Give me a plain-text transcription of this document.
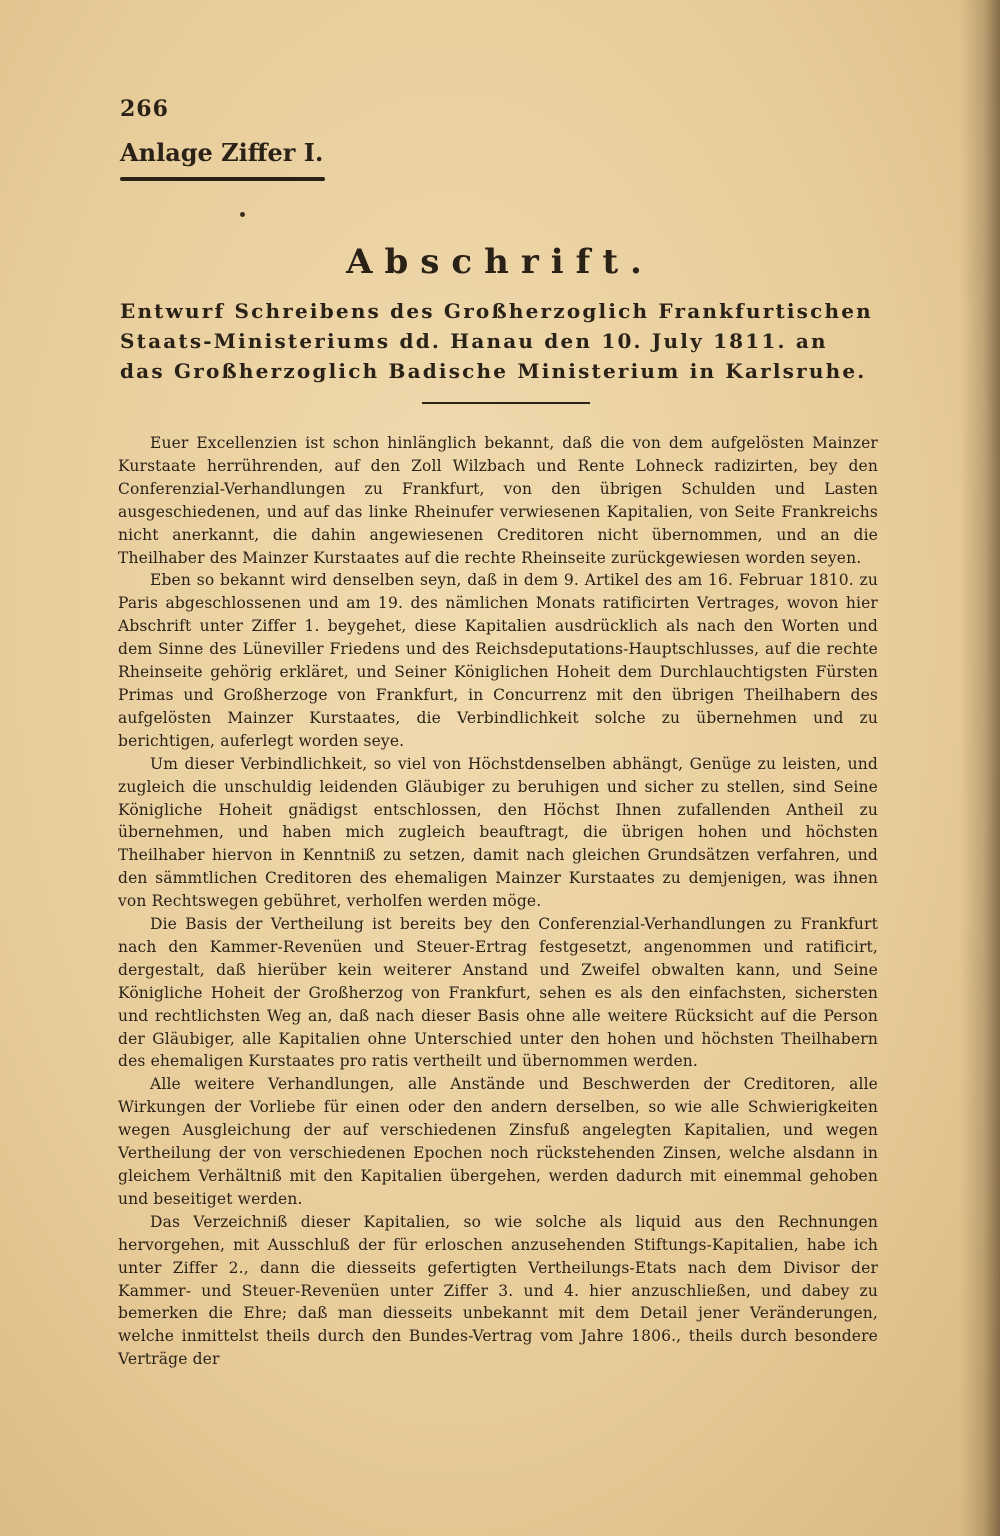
266
Anlage Ziffer I.
Abschrift.
Entwurf Schreibens des Großherzoglich Frankfurtischen Staats-Ministeriums dd. Hanau den 10. July 1811. an das Großherzoglich Badische Ministerium in Karlsruhe.

Euer Excellenzien ist schon hinlänglich bekannt, daß die von dem aufgelösten Mainzer Kurstaate herrührenden, auf den Zoll Wilzbach und Rente Lohneck radizirten, bey den Conferenzial-Verhandlungen zu Frankfurt, von den übrigen Schulden und Lasten ausgeschiedenen, und auf das linke Rheinufer verwiesenen Kapitalien, von Seite Frankreichs nicht anerkannt, die dahin angewiesenen Creditoren nicht übernommen, und an die Theilhaber des Mainzer Kurstaates auf die rechte Rheinseite zurückgewiesen worden seyen.

Eben so bekannt wird denselben seyn, daß in dem 9. Artikel des am 16. Februar 1810. zu Paris abgeschlossenen und am 19. des nämlichen Monats ratificirten Vertrages, wovon hier Abschrift unter Ziffer 1. beygehet, diese Kapitalien ausdrücklich als nach den Worten und dem Sinne des Lüneviller Friedens und des Reichsdeputations-Hauptschlusses, auf die rechte Rheinseite gehörig erkläret, und Seiner Königlichen Hoheit dem Durchlauchtigsten Fürsten Primas und Großherzoge von Frankfurt, in Concurrenz mit den übrigen Theilhabern des aufgelösten Mainzer Kurstaates, die Verbindlichkeit solche zu übernehmen und zu berichtigen, auferlegt worden seye.

Um dieser Verbindlichkeit, so viel von Höchstdenselben abhängt, Genüge zu leisten, und zugleich die unschuldig leidenden Gläubiger zu beruhigen und sicher zu stellen, sind Seine Königliche Hoheit gnädigst entschlossen, den Höchst Ihnen zufallenden Antheil zu übernehmen, und haben mich zugleich beauftragt, die übrigen hohen und höchsten Theilhaber hiervon in Kenntniß zu setzen, damit nach gleichen Grundsätzen verfahren, und den sämmtlichen Creditoren des ehemaligen Mainzer Kurstaates zu demjenigen, was ihnen von Rechtswegen gebühret, verholfen werden möge.

Die Basis der Vertheilung ist bereits bey den Conferenzial-Verhandlungen zu Frankfurt nach den Kammer-Revenüen und Steuer-Ertrag festgesetzt, angenommen und ratificirt, dergestalt, daß hierüber kein weiterer Anstand und Zweifel obwalten kann, und Seine Königliche Hoheit der Großherzog von Frankfurt, sehen es als den einfachsten, sichersten und rechtlichsten Weg an, daß nach dieser Basis ohne alle weitere Rücksicht auf die Person der Gläubiger, alle Kapitalien ohne Unterschied unter den hohen und höchsten Theilhabern des ehemaligen Kurstaates pro ratis vertheilt und übernommen werden.

Alle weitere Verhandlungen, alle Anstände und Beschwerden der Creditoren, alle Wirkungen der Vorliebe für einen oder den andern derselben, so wie alle Schwierigkeiten wegen Ausgleichung der auf verschiedenen Zinsfuß angelegten Kapitalien, und wegen Vertheilung der von verschiedenen Epochen noch rückstehenden Zinsen, welche alsdann in gleichem Verhältniß mit den Kapitalien übergehen, werden dadurch mit einemmal gehoben und beseitiget werden.

Das Verzeichniß dieser Kapitalien, so wie solche als liquid aus den Rechnungen hervorgehen, mit Ausschluß der für erloschen anzusehenden Stiftungs-Kapitalien, habe ich unter Ziffer 2., dann die diesseits gefertigten Vertheilungs-Etats nach dem Divisor der Kammer- und Steuer-Revenüen unter Ziffer 3. und 4. hier anzuschließen, und dabey zu bemerken die Ehre; daß man diesseits unbekannt mit dem Detail jener Veränderungen, welche inmittelst theils durch den Bundes-Vertrag vom Jahre 1806., theils durch besondere Verträge der
